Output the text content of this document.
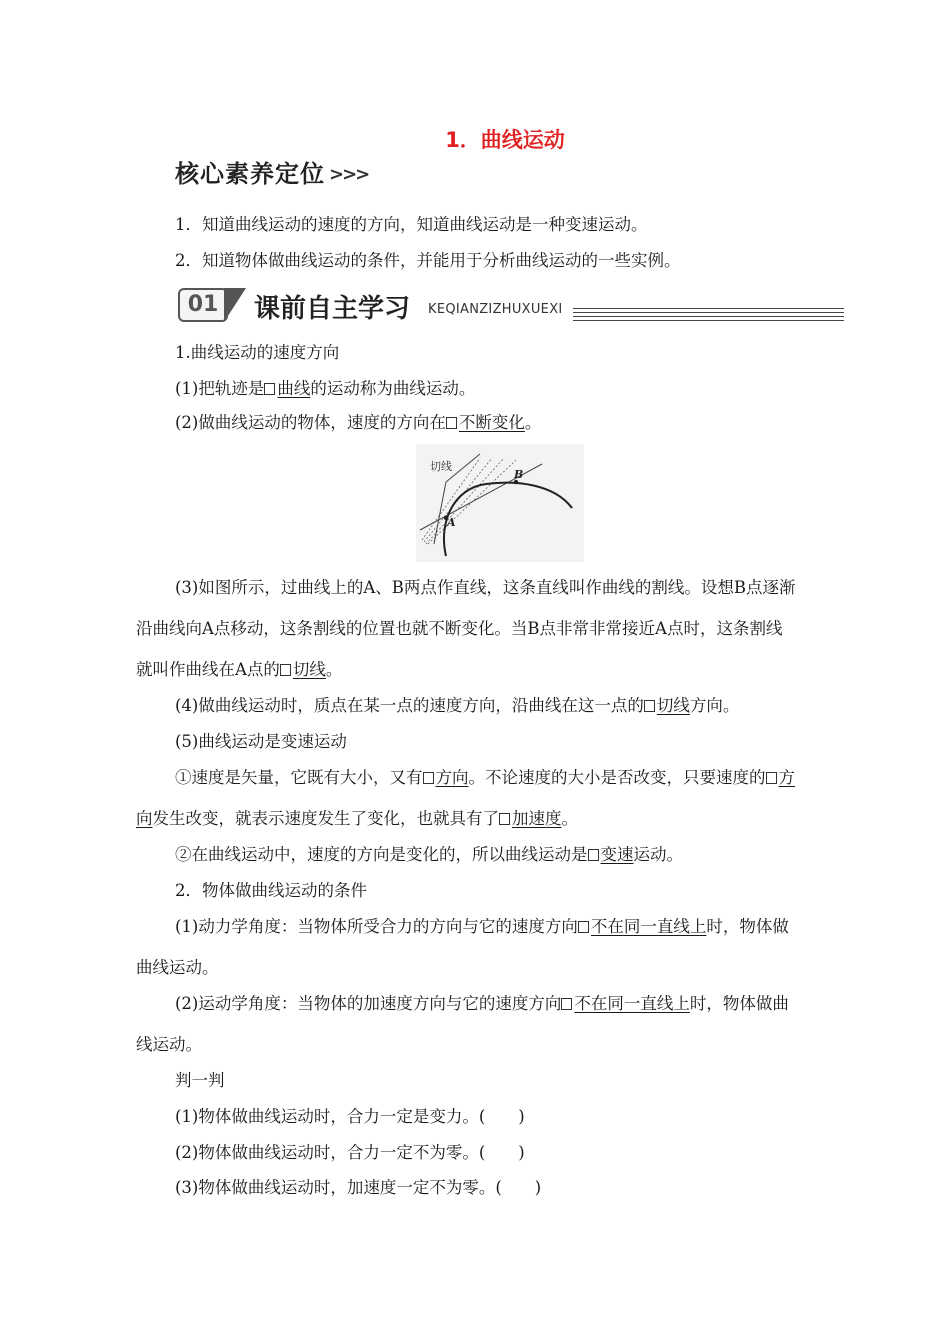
1．曲线运动
核心素养定位 >>>
1．知道曲线运动的速度的方向，知道曲线运动是一种变速运动。
2．知道物体做曲线运动的条件，并能用于分析曲线运动的一些实例。
01	课前自主学习 KEQIANZIZHUXUEXI
1.曲线运动的速度方向
(1)把轨迹是 曲线的运动称为曲线运动。
(2)做曲线运动的物体，速度的方向在 不断变化。
切线
A
B
(3)如图所示，过曲线上的A、B两点作直线，这条直线叫作曲线的割线。设想B点逐渐
沿曲线向A点移动，这条割线的位置也就不断变化。当B点非常非常接近A点时，这条割线
就叫作曲线在A点的 切线。
(4)做曲线运动时，质点在某一点的速度方向，沿曲线在这一点的 切线方向。
(5)曲线运动是变速运动
①速度是矢量，它既有大小，又有 方向。不论速度的大小是否改变，只要速度的 方
向发生改变，就表示速度发生了变化，也就具有了 加速度。
②在曲线运动中，速度的方向是变化的，所以曲线运动是 变速运动。
2．物体做曲线运动的条件
(1)动力学角度：当物体所受合力的方向与它的速度方向 不在同一直线上时，物体做
曲线运动。
(2)运动学角度：当物体的加速度方向与它的速度方向 不在同一直线上时，物体做曲
线运动。
判一判
(1)物体做曲线运动时，合力一定是变力。(　　)
(2)物体做曲线运动时，合力一定不为零。(　　)
(3)物体做曲线运动时，加速度一定不为零。(　　)
